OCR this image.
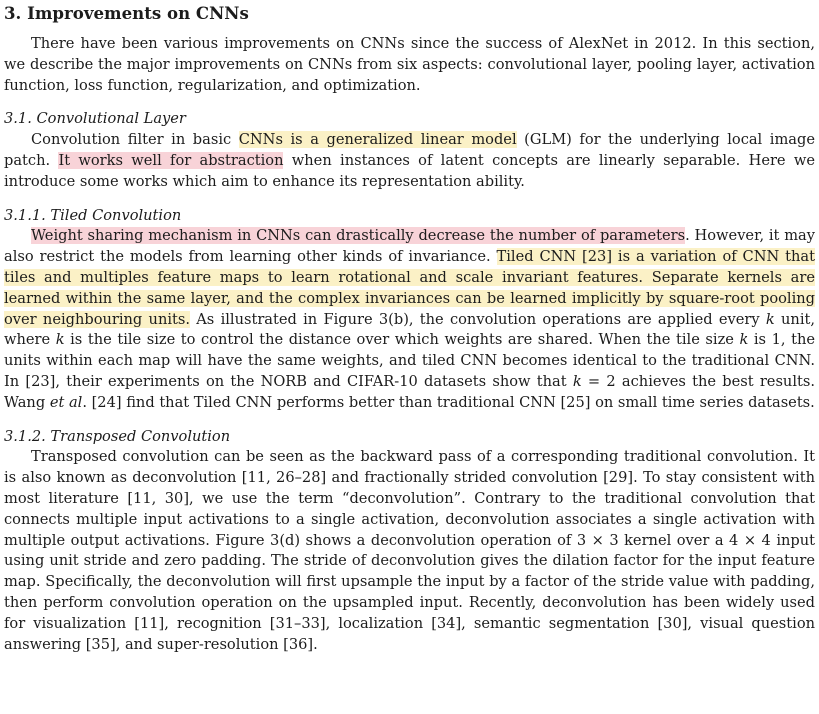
3. Improvements on CNNs

There have been various improvements on CNNs since the success of AlexNet in 2012. In this section, we describe the major improvements on CNNs from six aspects: convolutional layer, pooling layer, activation function, loss function, regularization, and optimization.

3.1. Convolutional Layer

Convolution filter in basic CNNs is a generalized linear model (GLM) for the underlying local image patch. It works well for abstraction when instances of latent concepts are linearly separable. Here we introduce some works which aim to enhance its representation ability.

3.1.1. Tiled Convolution

Weight sharing mechanism in CNNs can drastically decrease the number of parameters. However, it may also restrict the models from learning other kinds of invariance. Tiled CNN [23] is a variation of CNN that tiles and multiples feature maps to learn rotational and scale invariant features. Separate kernels are learned within the same layer, and the complex invariances can be learned implicitly by square-root pooling over neighbouring units. As illustrated in Figure 3(b), the convolution operations are applied every k unit, where k is the tile size to control the distance over which weights are shared. When the tile size k is 1, the units within each map will have the same weights, and tiled CNN becomes identical to the traditional CNN. In [23], their experiments on the NORB and CIFAR-10 datasets show that k = 2 achieves the best results. Wang et al. [24] find that Tiled CNN performs better than traditional CNN [25] on small time series datasets.

3.1.2. Transposed Convolution

Transposed convolution can be seen as the backward pass of a corresponding traditional convolution. It is also known as deconvolution [11, 26–28] and fractionally strided convolution [29]. To stay consistent with most literature [11, 30], we use the term “deconvolution”. Contrary to the traditional convolution that connects multiple input activations to a single activation, deconvolution associates a single activation with multiple output activations. Figure 3(d) shows a deconvolution operation of 3 × 3 kernel over a 4 × 4 input using unit stride and zero padding. The stride of deconvolution gives the dilation factor for the input feature map. Specifically, the deconvolution will first upsample the input by a factor of the stride value with padding, then perform convolution operation on the upsampled input. Recently, deconvolution has been widely used for visualization [11], recognition [31–33], localization [34], semantic segmentation [30], visual question answering [35], and super-resolution [36].
